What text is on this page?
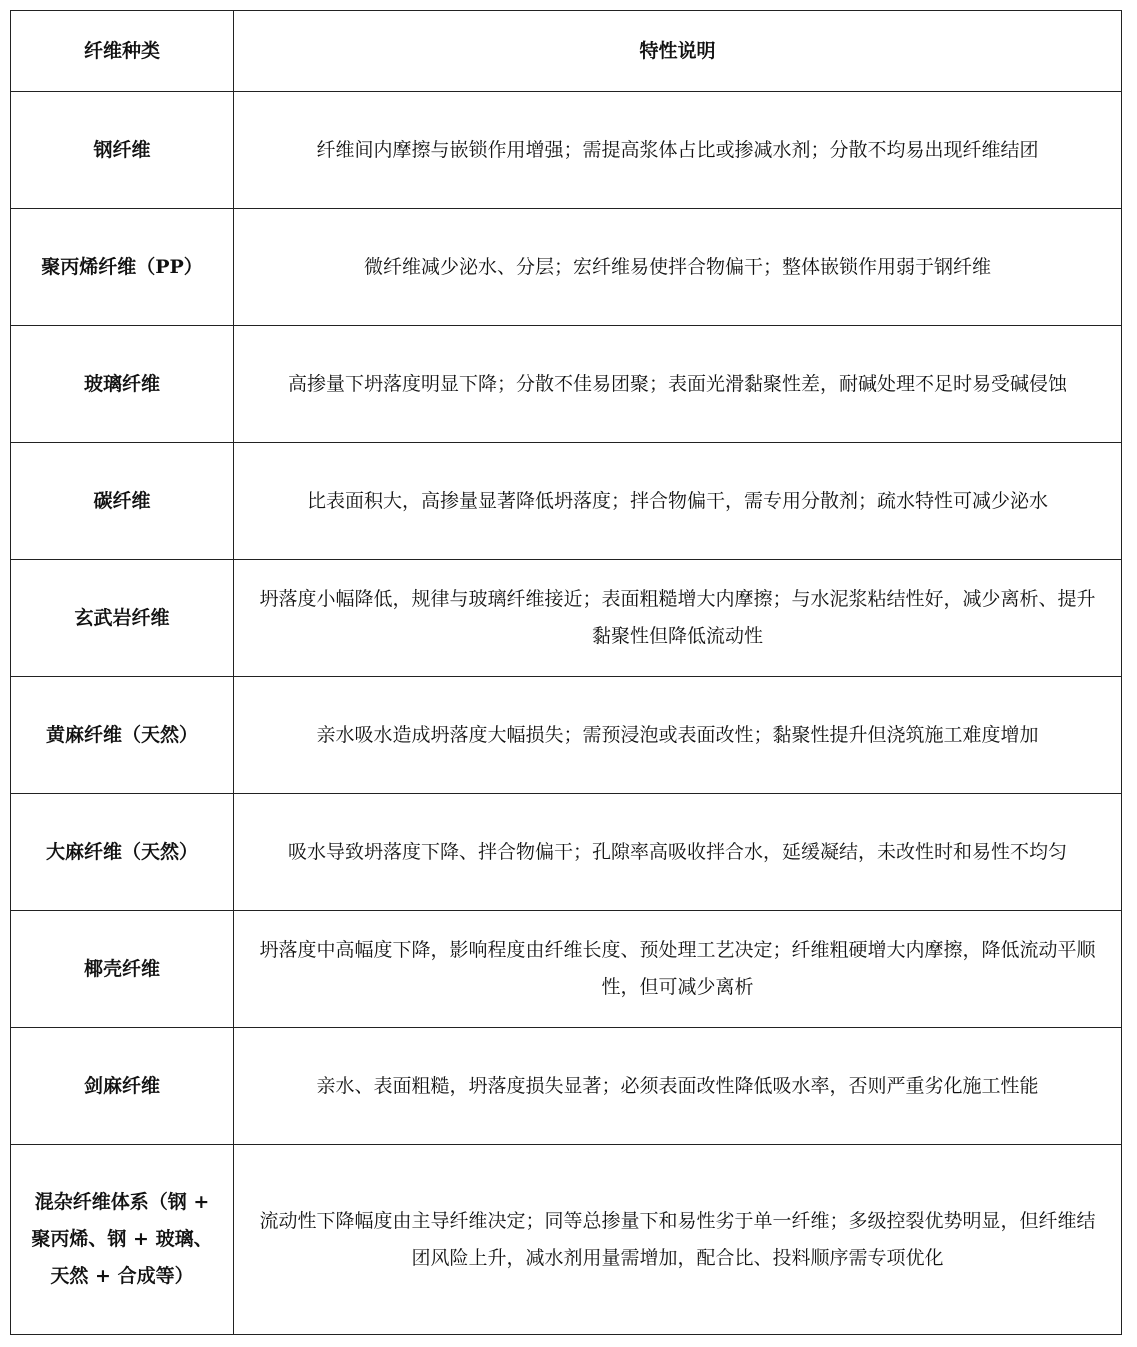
纤维种类	特性说明
钢纤维	纤维间内摩擦与嵌锁作用增强；需提高浆体占比或掺减水剂；分散不均易出现纤维结团
聚丙烯纤维（PP）	微纤维减少泌水、分层；宏纤维易使拌合物偏干；整体嵌锁作用弱于钢纤维
玻璃纤维	高掺量下坍落度明显下降；分散不佳易团聚；表面光滑黏聚性差，耐碱处理不足时易受碱侵蚀
碳纤维	比表面积大，高掺量显著降低坍落度；拌合物偏干，需专用分散剂；疏水特性可减少泌水
玄武岩纤维	坍落度小幅降低，规律与玻璃纤维接近；表面粗糙增大内摩擦；与水泥浆粘结性好，减少离析、提升黏聚性但降低流动性
黄麻纤维（天然）	亲水吸水造成坍落度大幅损失；需预浸泡或表面改性；黏聚性提升但浇筑施工难度增加
大麻纤维（天然）	吸水导致坍落度下降、拌合物偏干；孔隙率高吸收拌合水，延缓凝结，未改性时和易性不均匀
椰壳纤维	坍落度中高幅度下降，影响程度由纤维长度、预处理工艺决定；纤维粗硬增大内摩擦，降低流动平顺性，但可减少离析
剑麻纤维	亲水、表面粗糙，坍落度损失显著；必须表面改性降低吸水率，否则严重劣化施工性能
混杂纤维体系（钢 + 聚丙烯、钢 + 玻璃、天然 + 合成等）	流动性下降幅度由主导纤维决定；同等总掺量下和易性劣于单一纤维；多级控裂优势明显，但纤维结团风险上升，减水剂用量需增加，配合比、投料顺序需专项优化
